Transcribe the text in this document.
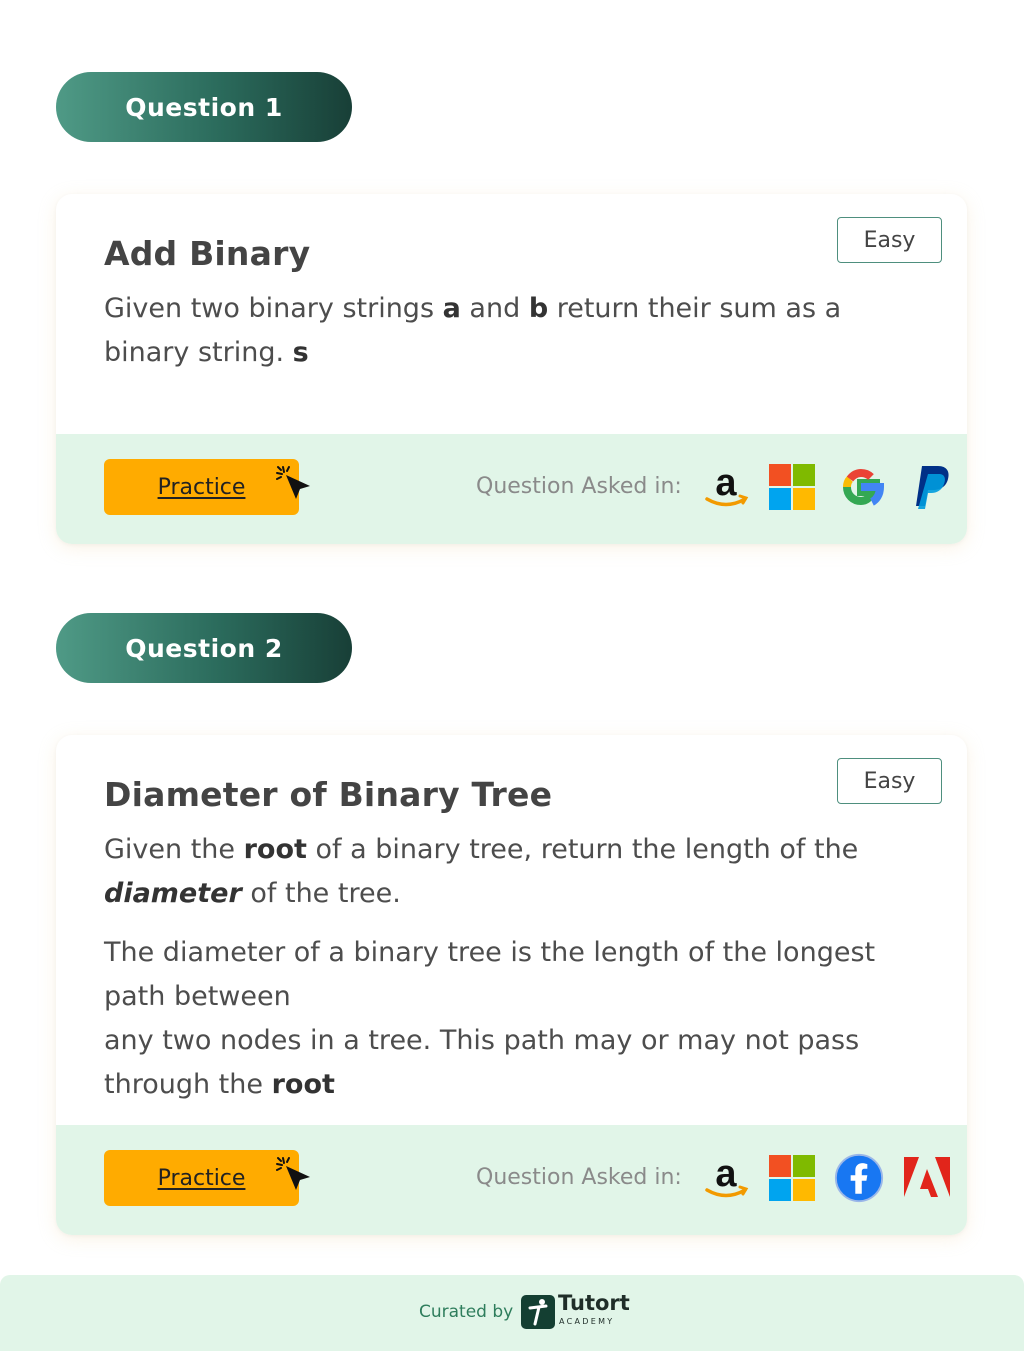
Question 1
Add Binary	Easy

Given two binary strings a and b return their sum as a binary string. s

Practice	Question Asked in: a
Question 2
Diameter of Binary Tree	Easy

Given the root of a binary tree, return the length of the diameter of the tree.

The diameter of a binary tree is the length of the longest path between
any two nodes in a tree. This path may or may not pass through the root

Practice	Question Asked in: a
Curated by Tutort
ACADEMY
